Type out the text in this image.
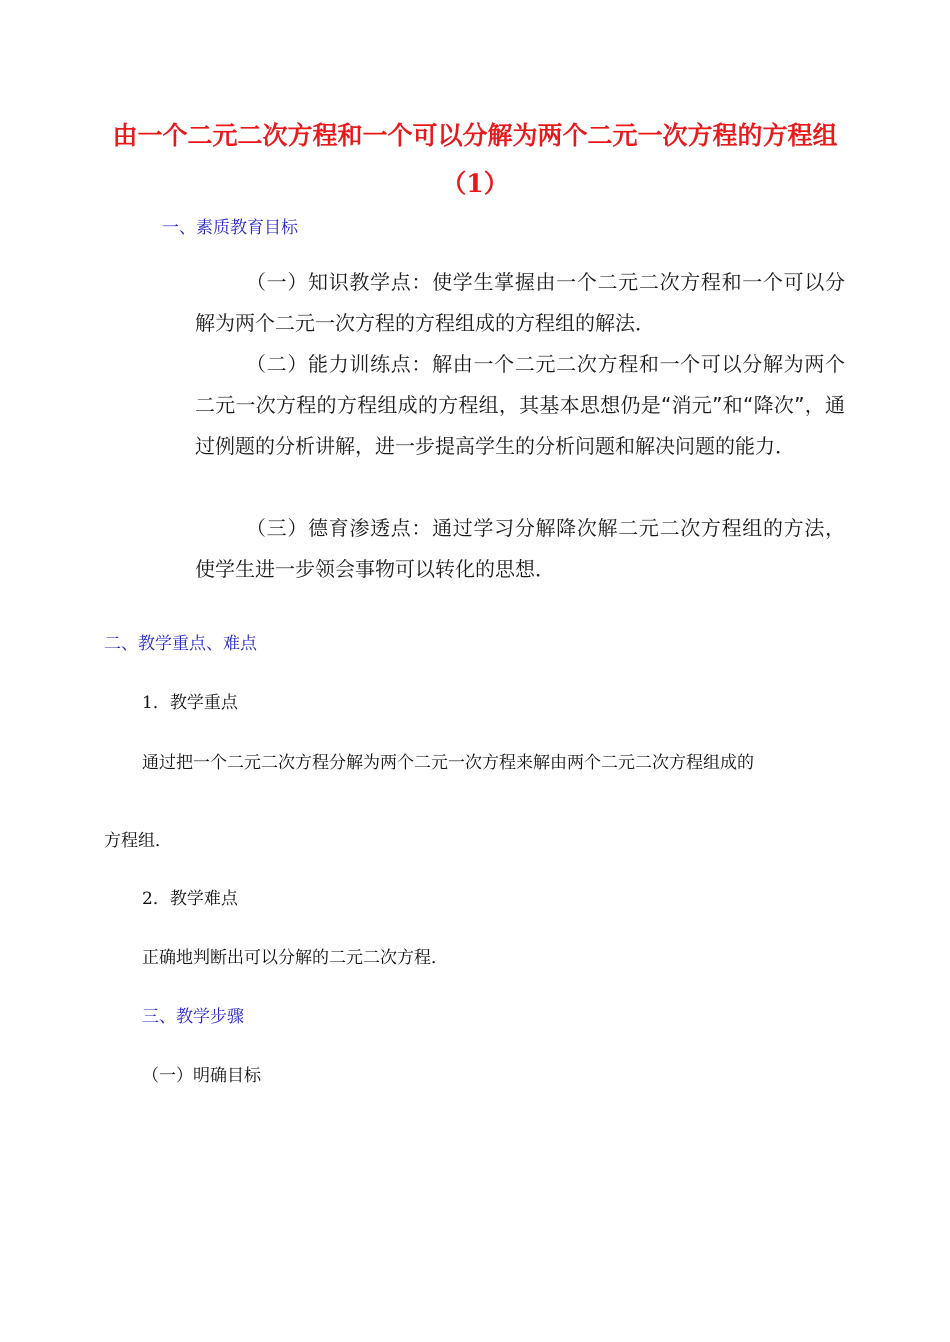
由一个二元二次方程和一个可以分解为两个二元一次方程的方程组
（1）
一、素质教育目标
（一）知识教学点：使学生掌握由一个二元二次方程和一个可以分解为两个二元一次方程的方程组成的方程组的解法．
（二）能力训练点：解由一个二元二次方程和一个可以分解为两个二元一次方程的方程组成的方程组，其基本思想仍是“消元”和“降次”，通过例题的分析讲解，进一步提高学生的分析问题和解决问题的能力．
（三）德育渗透点：通过学习分解降次解二元二次方程组的方法，使学生进一步领会事物可以转化的思想．
二、教学重点、难点
1．教学重点
通过把一个二元二次方程分解为两个二元一次方程来解由两个二元二次方程组成的
方程组．
2．教学难点
正确地判断出可以分解的二元二次方程．
三、教学步骤
（一）明确目标
